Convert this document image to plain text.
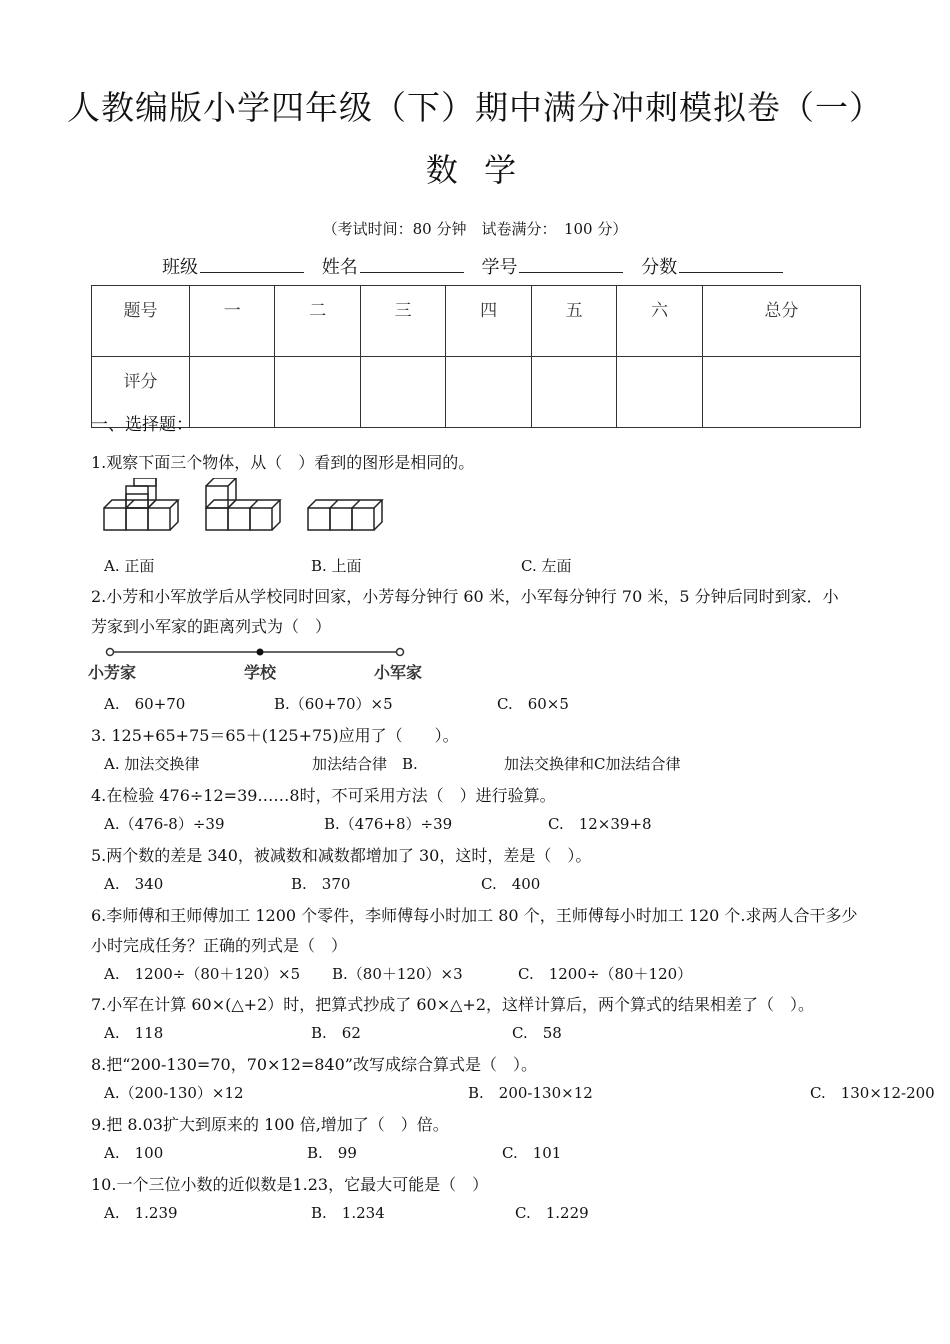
人教编版小学四年级（下）期中满分冲刺模拟卷（一）
数 学
（考试时间：80 分钟　试卷满分：　100 分）
班级	姓名	学号	分数
题号	一	二	三	四	五	六	总分
评分							
一、选择题：
1.观察下面三个物体，从（　）看到的图形是相同的。
A. 正面	B. 上面	C. 左面
2.小芳和小军放学后从学校同时回家，小芳每分钟行 60 米，小军每分钟行 70 米，5 分钟后同时到家．小
芳家到小军家的距离列式为（　）
小芳家	学校	小军家
A.　60+70	B.（60+70）×5	C.　60×5
3. 125+65+75＝65＋(125+75)应用了（　　）。
A. 加法交换律	加法结合律　B.	加法交换律和C加法结合律
4.在检验 476÷12=39……8时，不可采用方法（　）进行验算。
A.（476-8）÷39	B.（476+8）÷39	C.　12×39+8
5.两个数的差是 340，被减数和减数都增加了 30，这时，差是（　）。
A.　340	B.　370	C.　400
6.李师傅和王师傅加工 1200 个零件，李师傅每小时加工 80 个，王师傅每小时加工 120 个.求两人合干多少
小时完成任务？正确的列式是（　）
A.　1200÷（80＋120）×5 B.（80＋120）×3	C.　1200÷（80＋120）
7.小军在计算 60×(△+2）时，把算式抄成了 60×△+2，这样计算后，两个算式的结果相差了（　）。
A.　118	B.　62	C.　58
8.把“200-130=70，70×12=840”改写成综合算式是（　）。
A.（200-130）×12	B.　200-130×12	C.　130×12-200
9.把 8.03扩大到原来的 100 倍,增加了（　）倍。
A.　100	B.　99	C.　101
10.一个三位小数的近似数是1.23，它最大可能是（　）
A.　1.239	B.　1.234	C.　1.229
